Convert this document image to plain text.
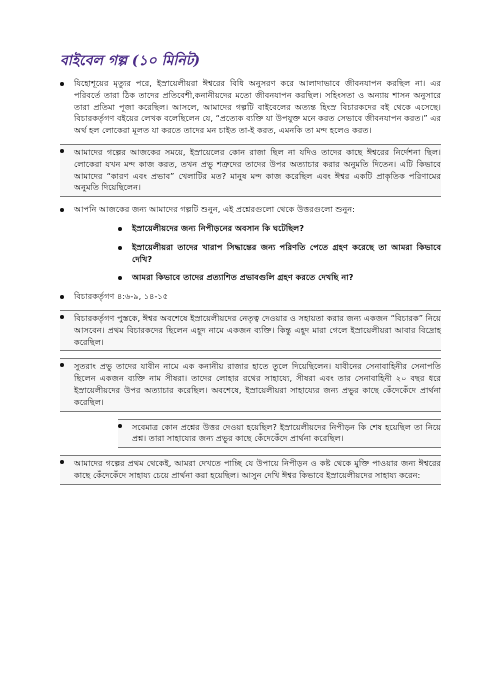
বাইবেল গল্প (১০ মিনিট)

যিহোশূয়ের মৃত্যুর পরে, ইস্রায়েলীয়রা ঈশ্বরের বিধি অনুসরণ করে আলাদাভাবে জীবনযাপন করছিল না। এর পরিবর্তে তারা ঠিক তাদের প্রতিবেশী,কনানীয়দের মতো জীবনযাপন করছিল। সহিংসতা ও অন্যায় শাসন অনুসারে তারা প্রতিমা পূজা করেছিল। আসলে, আমাদের গল্পটি বাইবেলের অত্যন্ত হিংস্র বিচারকদের বই থেকে এসেছে। বিচারকর্তৃগণ বইয়ের লেখক বলেছিলেন যে, “প্রত্যেক ব্যক্তি যা উপযুক্ত মনে করত সেভাবে জীবনযাপন করত।” এর অর্থ হল লোকেরা মূলত যা করতে তাদের মন চাইত তা-ই করত, এমনকি তা মন্দ হলেও করত।

আমাদের গল্পের আজকের সময়ে, ইস্রায়েলের কোন রাজা ছিল না যদিও তাদের কাছে ঈশ্বরের নির্দেশনা ছিল। লোকেরা যখন মন্দ কাজ করত, তখন প্রভু শত্রুদের তাদের উপর অত্যাচার করার অনুমতি দিতেন। এটি কিভাবে আমাদের “কারণ এবং প্রভাব” খেলাটির মত? মানুষ মন্দ কাজ করেছিল এবং ঈশ্বর একটি প্রাকৃতিক পরিণামের অনুমতি দিয়েছিলেন।

আপনি আজকের জন্য আমাদের গল্পটি শুনুন, এই প্রশ্নেরগুলো থেকে উত্তরগুলো শুনুন:

ইস্রায়েলীয়দের জন্য নিপীড়নের অবসান কি ঘটেছিল?

ইস্রায়েলীয়রা তাদের খারাপ সিদ্ধান্তের জন্য পরিণতি পেতে গ্রহণ করেছে তা আমরা কিভাবে দেখি?

আমরা কিভাবে তাদের প্রত্যাশিত প্রভাবগুলি গ্রহণ করতে দেখছি না?

বিচারকর্তৃগণ ৪:৬-৯, ১৪-১৫

বিচারকর্তৃগণ পুস্তকে, ঈশ্বর অবশেষে ইস্রায়েলীয়দের নেতৃত্ব দেওয়ার ও সহায়তা করার জন্য একজন “বিচারক” নিয়ে আসবেন। প্রথম বিচারকদের ছিলেন এহূদ নামে একজন ব্যক্তি। কিন্তু এহূদ মারা গেলে ইস্রায়েলীয়রা আবার বিদ্রোহ করেছিল।

সুতরাং প্রভু তাদের যাবীন নামে এক কনানীয় রাজার হাতে তুলে দিয়েছিলেন। যাবীনের সেনাবাহিনীর সেনাপতি ছিলেন একজন ব্যক্তি নাম সীষরা। তাদের লোহার রথের সাহায্যে, সীষরা এবং তার সেনাবাহিনী ২০ বছর ধরে ইস্রায়েলীয়দের উপর অত্যাচার করেছিল। অবশেষে, ইস্রায়েলীয়রা সাহায্যের জন্য প্রভুর কাছে কেঁদেকেঁদে প্রার্থনা করেছিল।

সবেমাত্র কোন প্রশ্নের উত্তর দেওয়া হয়েছিল? ইস্রায়েলীয়দের নিপীড়ন কি শেষ হয়েছিল তা নিয়ে প্রশ্ন। তারা সাহায্যের জন্য প্রভুর কাছে কেঁদেকেঁদে প্রার্থনা করেছিল।

আমাদের গল্পের প্রথম থেকেই, আমরা দেখতে পাচ্ছি যে উপায়ে নিপীড়ন ও কষ্ট থেকে মুক্তি পাওয়ার জন্য ঈশ্বরের কাছে কেঁদেকেঁদে সাহায্য চেয়ে প্রার্থনা করা হয়েছিল। আসুন দেখি ঈশ্বর কিভাবে ইস্রায়েলীয়দের সাহায্য করেন:
